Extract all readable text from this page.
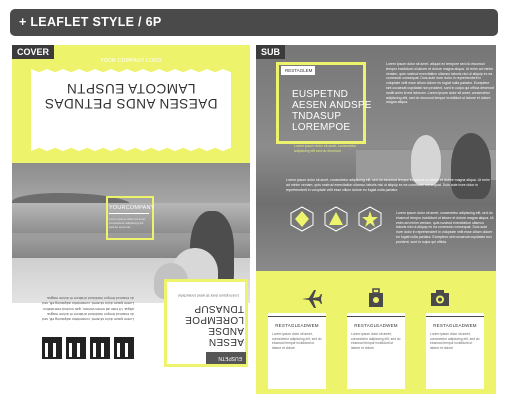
+ LEAFLET STYLE / 6P
COVER
YOUR COMPANY LOGO
DAESEN ANDS PETNDAS
LAMCOTA EUSPTN
YOURCOMPANY
Lorem ipsum dolor sit amet consectetur adipiscing elit sed do eiusmod

Lorem ipsum dolor sit amet, consectetur adipiscing elit, sed do eiusmod tempor incididunt ut labore et dolore magna aliqua. Ut enim ad minim veniam, quis nostrud exercitation.

Lorem ipsum dolor sit amet, consectetur adipiscing elit, sed do eiusmod tempor incididunt ut labore et dolore magna.

Lorem ipsum dolor sit amet consectetur
AESEN ANDSE
LOREMPOE
TDNASUP
EUSPETN
SUB
RESTAGLEM
EUSPETND
AESEN ANDSPE
TNDASUP
LOREMPOE
Lorem ipsum dolor sit amet, consectetur adipiscing elit sed do eiusmod
Lorem ipsum dolor sit amet, aliquot ex tempore sed do eiusmod tempor incididunt ut labore et dolore magna aliqua. Ut enim ad minim veniam, quis nostrud exercitation ullamco laboris nisi ut aliquip ex ea commodo consequat. Duis aute irure dolor in reprehenderit in voluptate velit esse cillum dolore eu fugiat nulla pariatur. Excepteur sint occaecat cupidatat non proident, sunt in culpa qui officia deserunt mollit anim id est laborum. Lorem ipsum dolor sit amet, consectetur adipiscing elit, sed do eiusmod tempor incididunt ut labore et dolore magna aliqua.
Lorem ipsum dolor sit amet, consectetur adipiscing elit, sed do eiusmod tempor incididunt ut labore et dolore magna aliqua. Ut enim ad minim veniam, quis nostrud exercitation ullamco laboris nisi ut aliquip ex ea commodo consequat. Duis aute irure dolor in reprehenderit in voluptate velit esse cillum dolore eu fugiat nulla pariatur.
Lorem ipsum dolor sit amet, consectetur adipiscing elit, sed do eiusmod tempor incididunt ut labore et dolore magna aliqua. Ut enim ad minim veniam, quis nostrud exercitation ullamco laboris nisi ut aliquip ex ea commodo consequat. Duis aute irure dolor in reprehenderit in voluptate velit esse cillum dolore eu fugiat nulla pariatur. Excepteur sint occaecat cupidatat non proident, sunt in culpa qui officia.
RESTAGLEADWEM	RESTAGLEADWEM	RESTAGLEADWEM
Lorem ipsum dolor sit amet, consectetur adipiscing elit, sed do eiusmod tempor incididunt ut labore et dolore
Lorem ipsum dolor sit amet, consectetur adipiscing elit, sed do eiusmod tempor incididunt ut labore et dolore
Lorem ipsum dolor sit amet, consectetur adipiscing elit, sed do eiusmod tempor incididunt ut labore et dolore
